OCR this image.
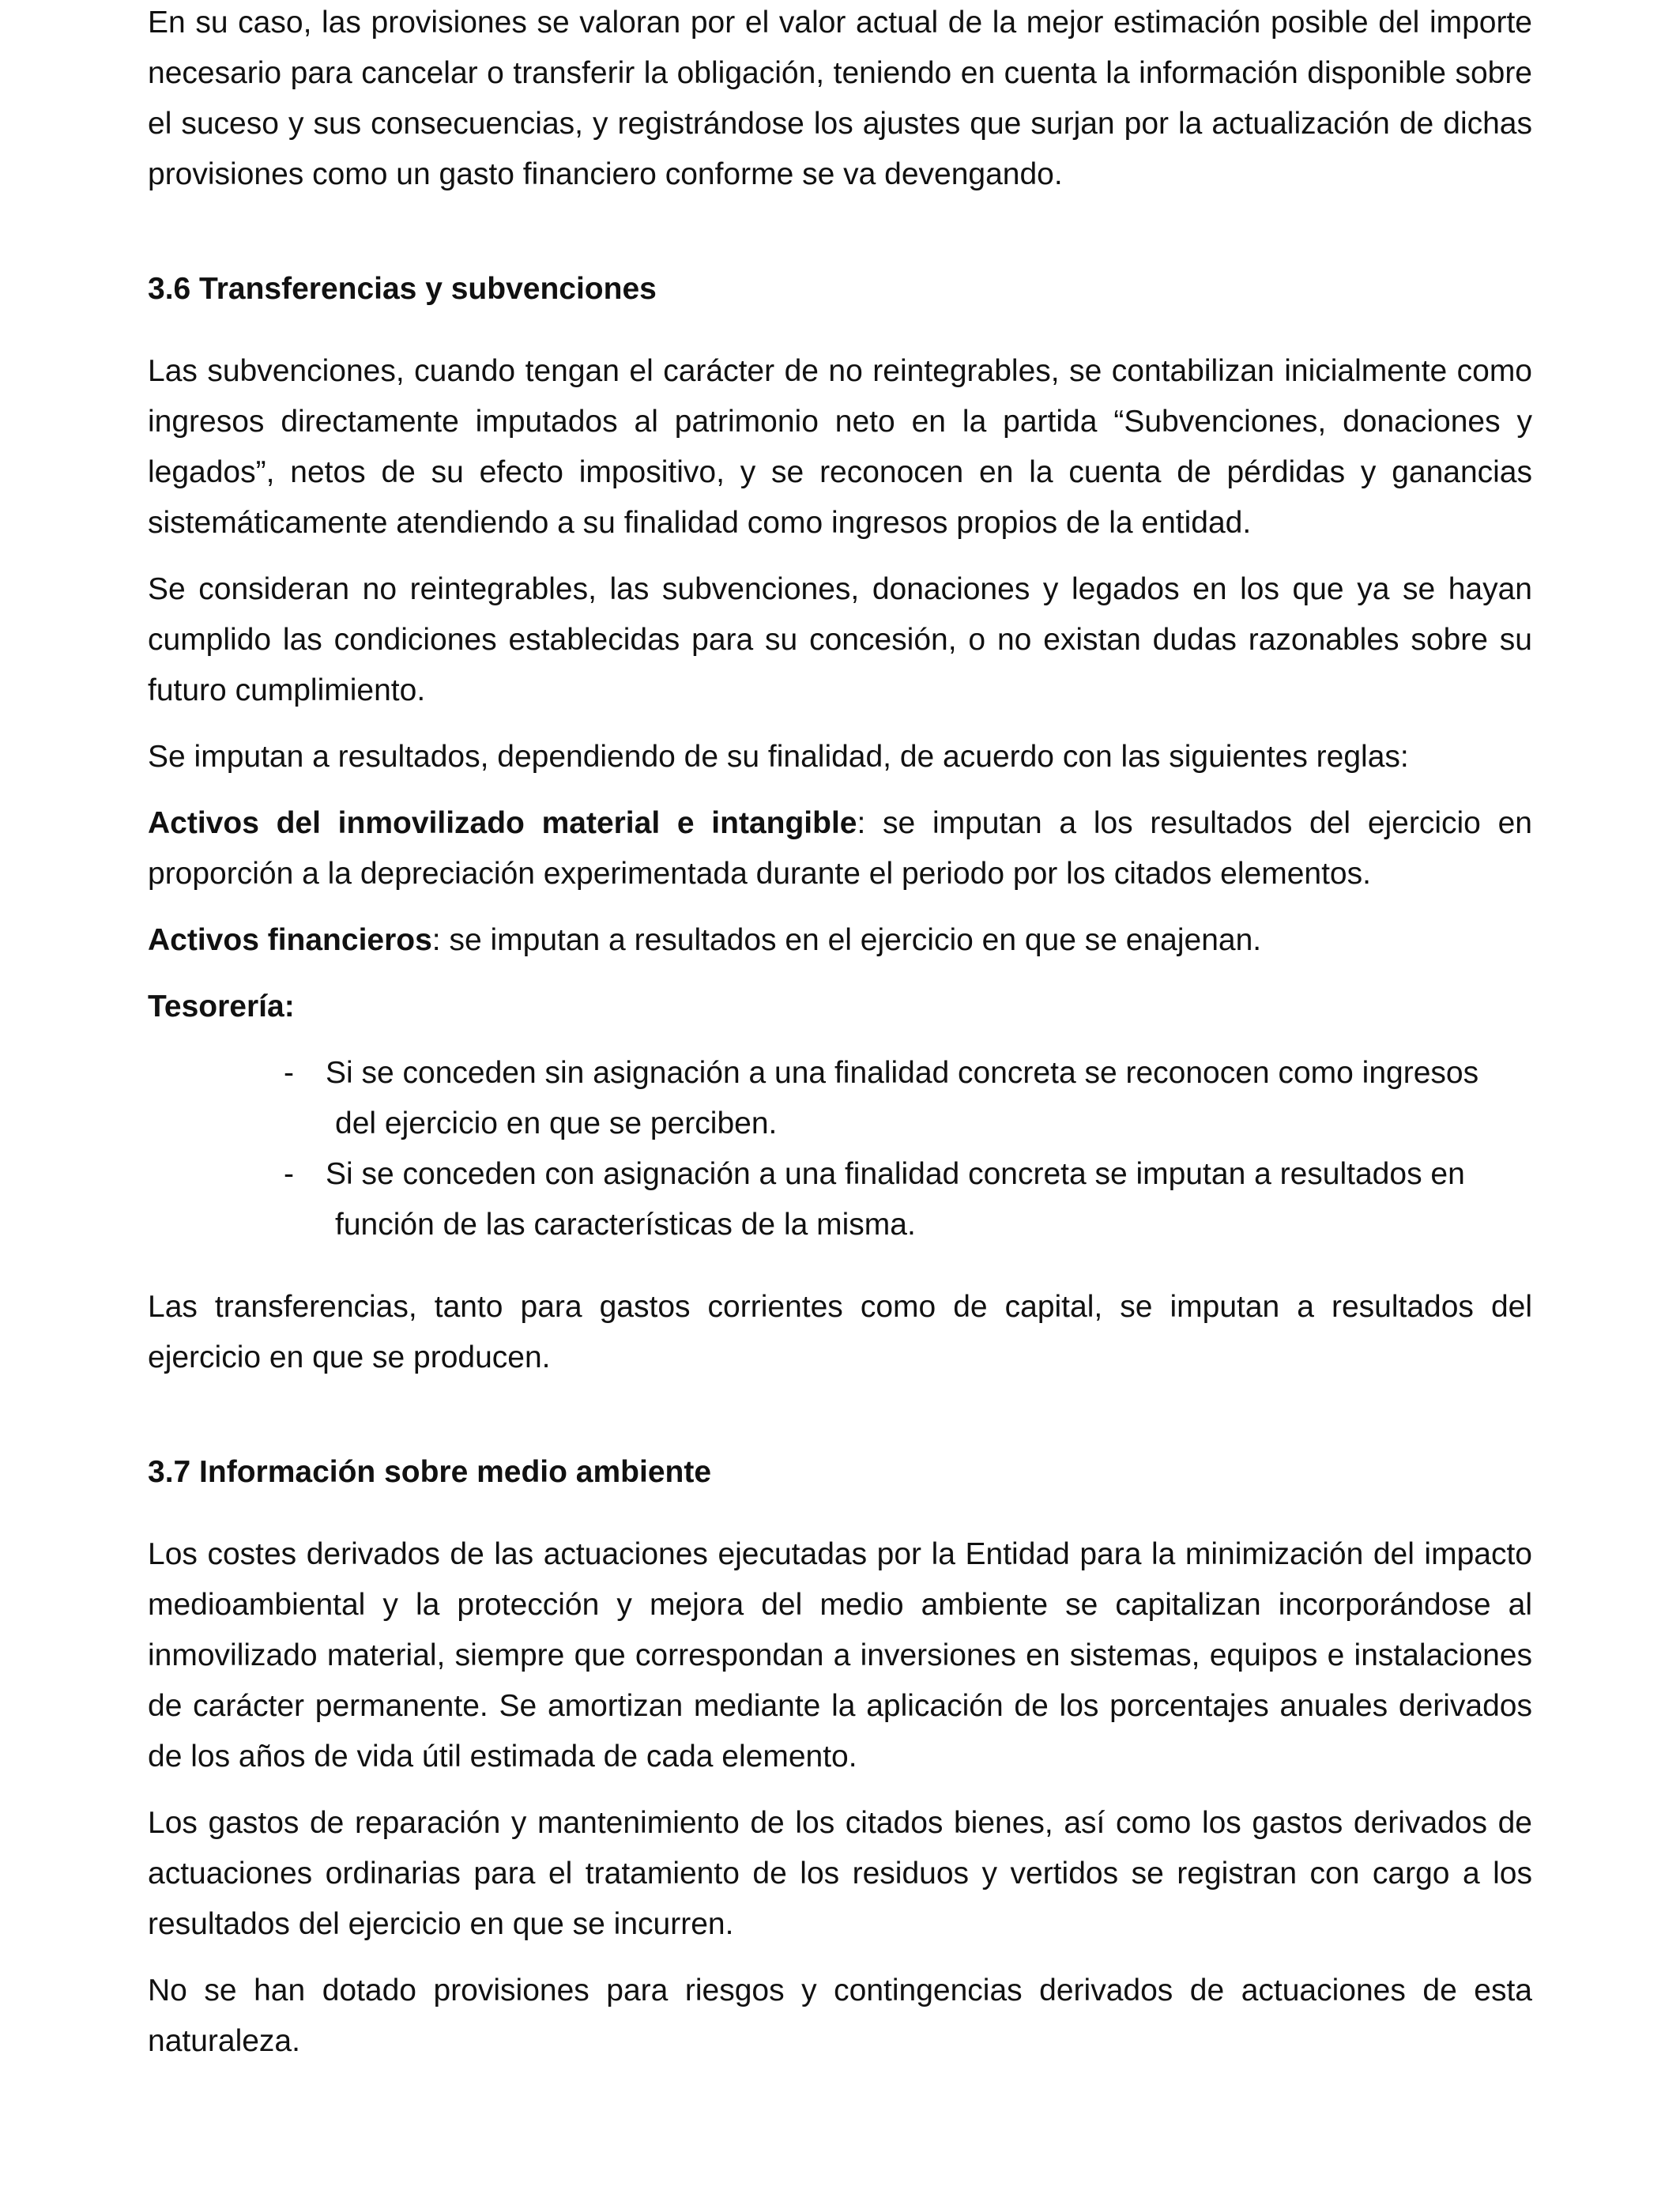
En su caso, las provisiones se valoran por el valor actual de la mejor estimación posible del importe necesario para cancelar o transferir la obligación, teniendo en cuenta la información disponible sobre el suceso y sus consecuencias, y registrándose los ajustes que surjan por la actualización de dichas provisiones como un gasto financiero conforme se va devengando.

3.6 Transferencias y subvenciones

Las subvenciones, cuando tengan el carácter de no reintegrables, se contabilizan inicialmente como ingresos directamente imputados al patrimonio neto en la partida “Subvenciones, donaciones y legados”, netos de su efecto impositivo, y se reconocen en la cuenta de pérdidas y ganancias sistemáticamente atendiendo a su finalidad como ingresos propios de la entidad.

Se consideran no reintegrables, las subvenciones, donaciones y legados en los que ya se hayan cumplido las condiciones establecidas para su concesión, o no existan dudas razonables sobre su futuro cumplimiento.

Se imputan a resultados, dependiendo de su finalidad, de acuerdo con las siguientes reglas:

Activos del inmovilizado material e intangible: se imputan a los resultados del ejercicio en proporción a la depreciación experimentada durante el periodo por los citados elementos.

Activos financieros: se imputan a resultados en el ejercicio en que se enajenan.

Tesorería:

- Si se conceden sin asignación a una finalidad concreta se reconocen como ingresos
del ejercicio en que se perciben.
- Si se conceden con asignación a una finalidad concreta se imputan a resultados en
función de las características de la misma.

Las transferencias, tanto para gastos corrientes como de capital, se imputan a resultados del ejercicio en que se producen.

3.7 Información sobre medio ambiente

Los costes derivados de las actuaciones ejecutadas por la Entidad para la minimización del impacto medioambiental y la protección y mejora del medio ambiente se capitalizan incorporándose al inmovilizado material, siempre que correspondan a inversiones en sistemas, equipos e instalaciones de carácter permanente. Se amortizan mediante la aplicación de los porcentajes anuales derivados de los años de vida útil estimada de cada elemento.

Los gastos de reparación y mantenimiento de los citados bienes, así como los gastos derivados de actuaciones ordinarias para el tratamiento de los residuos y vertidos se registran con cargo a los resultados del ejercicio en que se incurren.

No se han dotado provisiones para riesgos y contingencias derivados de actuaciones de esta naturaleza.
